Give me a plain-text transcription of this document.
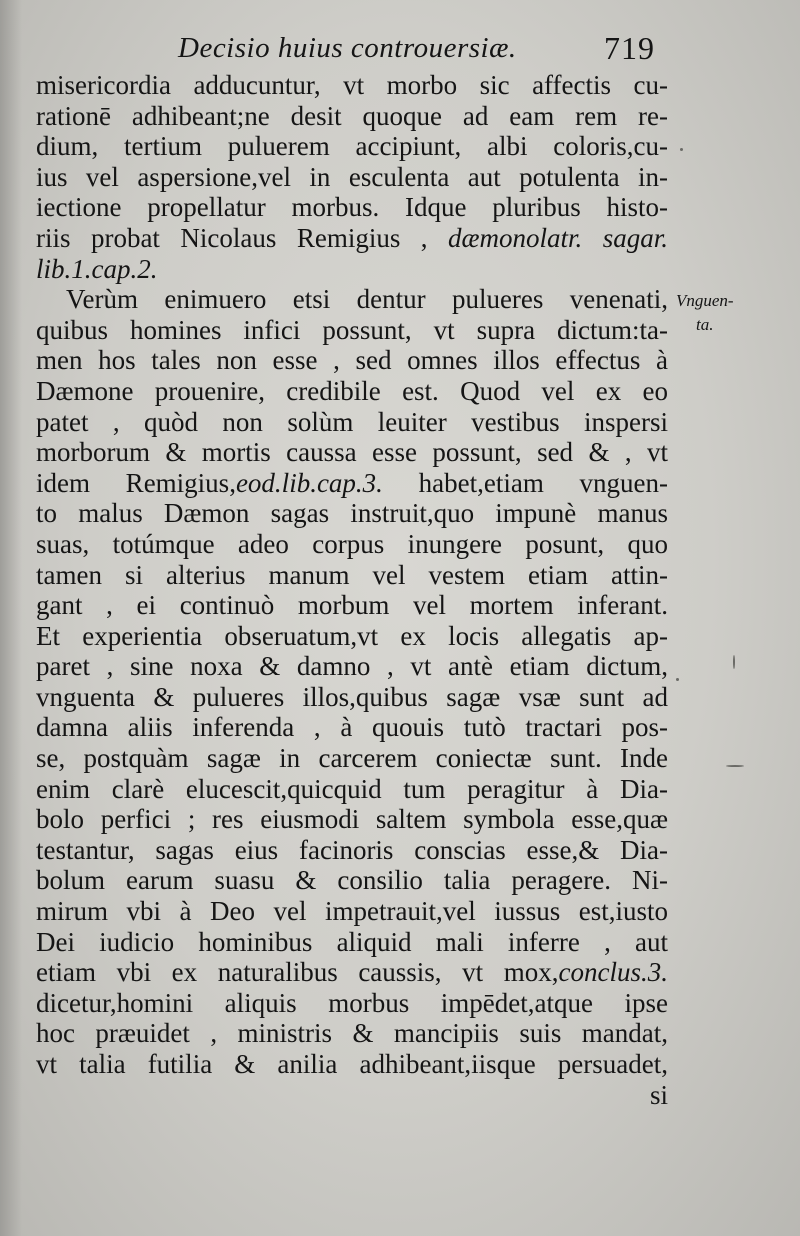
Decisio huius controuersiæ.	719
misericordia adducuntur, vt morbo sic affectis cu-
rationē adhibeant;ne desit quoque ad eam rem re-
dium, tertium puluerem accipiunt, albi coloris,cu-
ius vel aspersione,vel in esculenta aut potulenta in-
iectione propellatur morbus. Idque pluribus histo-
riis probat Nicolaus Remigius , dæmonolatr. sagar.
lib.1.cap.2.
Verùm enimuero etsi dentur pulueres venenati,
quibus homines infici possunt, vt supra dictum:ta-
men hos tales non esse , sed omnes illos effectus à
Dæmone prouenire, credibile est. Quod vel ex eo
patet , quòd non solùm leuiter vestibus inspersi
morborum & mortis caussa esse possunt, sed & , vt
idem Remigius,eod.lib.cap.3. habet,etiam vnguen-
to malus Dæmon sagas instruit,quo impunè manus
suas, totúmque adeo corpus inungere posunt, quo
tamen si alterius manum vel vestem etiam attin-
gant , ei continuò morbum vel mortem inferant.
Et experientia obseruatum,vt ex locis allegatis ap-
paret , sine noxa & damno , vt antè etiam dictum,
vnguenta & pulueres illos,quibus sagæ vsæ sunt ad
damna aliis inferenda , à quouis tutò tractari pos-
se, postquàm sagæ in carcerem coniectæ sunt. Inde
enim clarè elucescit,quicquid tum peragitur à Dia-
bolo perfici ; res eiusmodi saltem symbola esse,quæ
testantur, sagas eius facinoris conscias esse,& Dia-
bolum earum suasu & consilio talia peragere. Ni-
mirum vbi à Deo vel impetrauit,vel iussus est,iusto
Dei iudicio hominibus aliquid mali inferre , aut
etiam vbi ex naturalibus caussis, vt mox,conclus.3.
dicetur,homini aliquis morbus impēdet,atque ipse
hoc præuidet , ministris & mancipiis suis mandat,
vt talia futilia & anilia adhibeant,iisque persuadet,
si
Vnguen-
ta.
